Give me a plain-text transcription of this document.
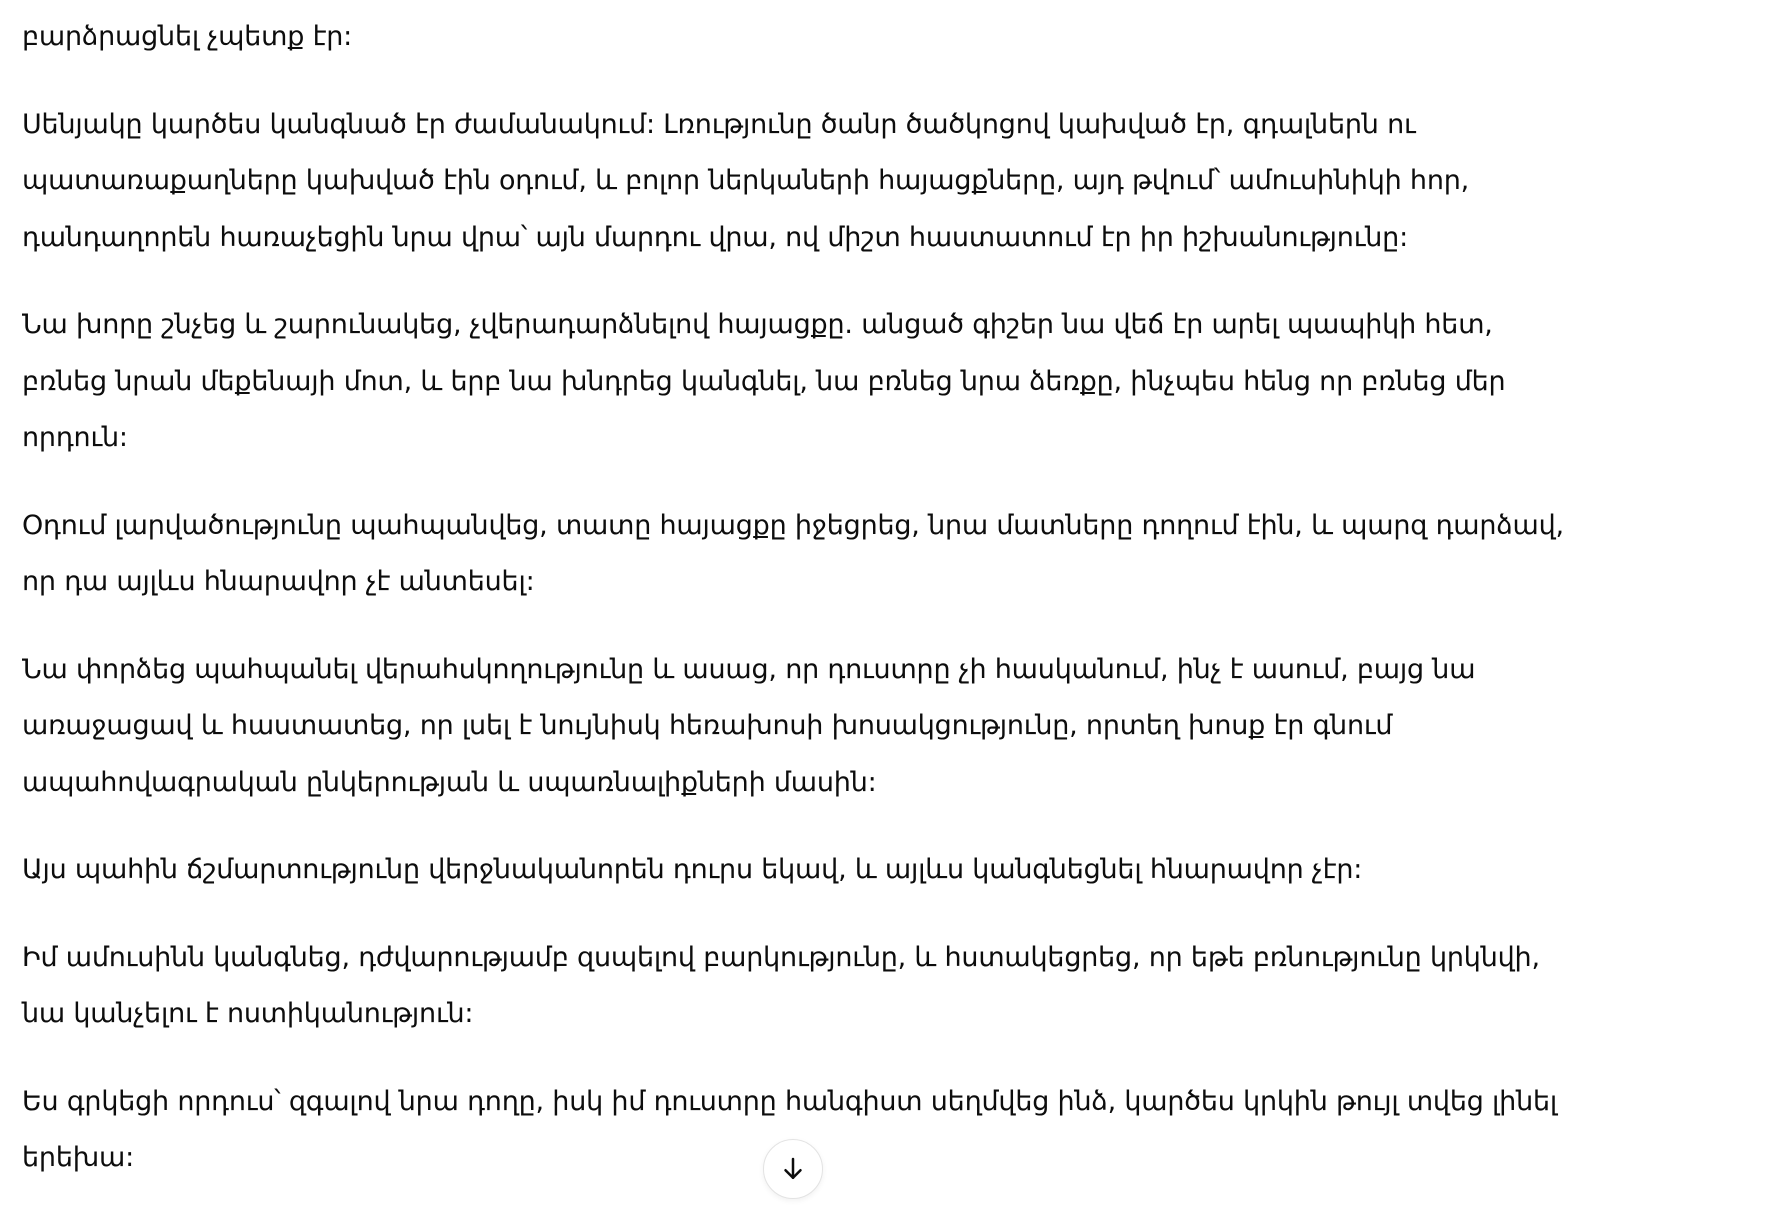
բարձրացնել չպետք էր:

Սենյակը կարծես կանգնած էր ժամանակում: Լռությունը ծանր ծածկոցով կախված էր, գդալներն ու պատառաքաղները կախված էին օդում, և բոլոր ներկաների հայացքները, այդ թվում՝ ամուսինիկի հոր, դանդաղորեն հառաչեցին նրա վրա՝ այն մարդու վրա, ով միշտ հաստատում էր իր իշխանությունը:

Նա խորը շնչեց և շարունակեց, չվերադարձնելով հայացքը. անցած գիշեր նա վեճ էր արել պապիկի հետ, բռնեց նրան մեքենայի մոտ, և երբ նա խնդրեց կանգնել, նա բռնեց նրա ձեռքը, ինչպես հենց որ բռնեց մեր որդուն:

Օդում լարվածությունը պահպանվեց, տատը հայացքը իջեցրեց, նրա մատները դողում էին, և պարզ դարձավ, որ դա այլևս հնարավոր չէ անտեսել:

Նա փորձեց պահպանել վերահսկողությունը և ասաց, որ դուստրը չի հասկանում, ինչ է ասում, բայց նա առաջացավ և հաստատեց, որ լսել է նույնիսկ հեռախոսի խոսակցությունը, որտեղ խոսք էր գնում ապահովագրական ընկերության և սպառնալիքների մասին:

Այս պահին ճշմարտությունը վերջնականորեն դուրս եկավ, և այլևս կանգնեցնել հնարավոր չէր:

Իմ ամուսինն կանգնեց, դժվարությամբ զսպելով բարկությունը, և հստակեցրեց, որ եթե բռնությունը կրկնվի, նա կանչելու է ոստիկանություն:

Ես գրկեցի որդուս՝ զգալով նրա դողը, իսկ իմ դուստրը հանգիստ սեղմվեց ինձ, կարծես կրկին թույլ տվեց լինել երեխա:
